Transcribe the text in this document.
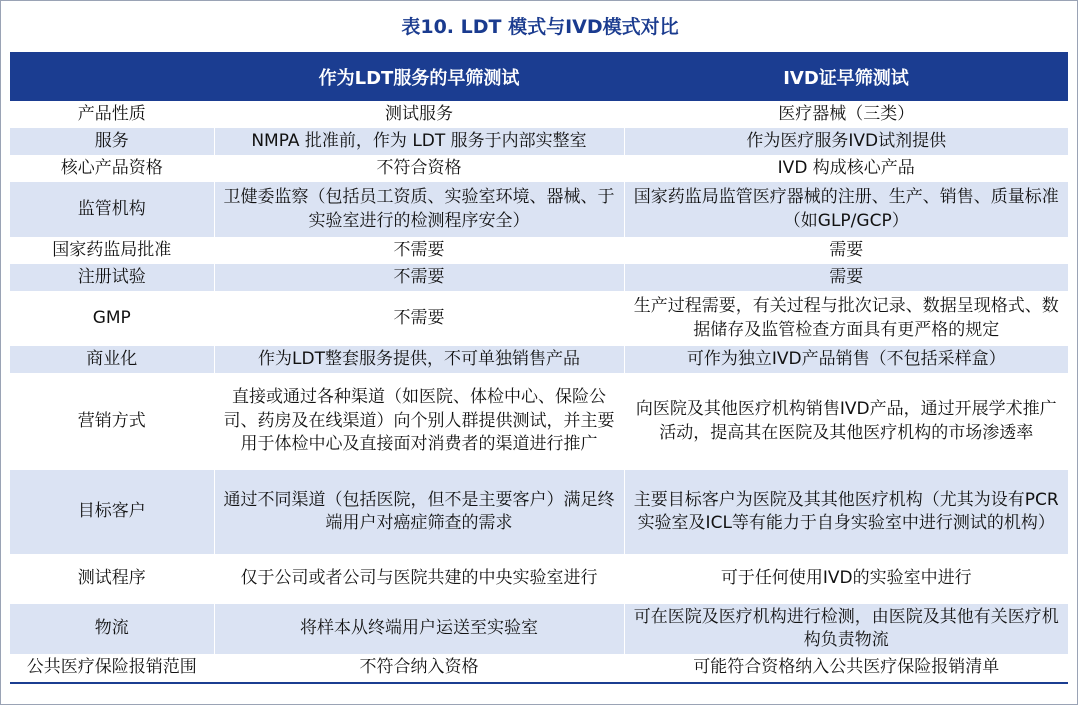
表10. LDT 模式与IVD模式对比
	作为LDT服务的早筛测试	IVD证早筛测试
产品性质	测试服务	医疗器械（三类）
服务	NMPA 批准前，作为 LDT 服务于内部实整室	作为医疗服务IVD试剂提供
核心产品资格	不符合资格	IVD 构成核心产品
监管机构	卫健委监察（包括员工资质、实验室环境、器械、于实验室进行的检测程序安全）	国家药监局监管医疗器械的注册、生产、销售、质量标准（如GLP/GCP）
国家药监局批准	不需要	需要
注册试验	不需要	需要
GMP	不需要	生产过程需要，有关过程与批次记录、数据呈现格式、数据储存及监管检查方面具有更严格的规定
商业化	作为LDT整套服务提供，不可单独销售产品	可作为独立IVD产品销售（不包括采样盒）
营销方式	直接或通过各种渠道（如医院、体检中心、保险公司、药房及在线渠道）向个别人群提供测试，并主要用于体检中心及直接面对消费者的渠道进行推广	向医院及其他医疗机构销售IVD产品，通过开展学术推广活动，提高其在医院及其他医疗机构的市场渗透率
目标客户	通过不同渠道（包括医院，但不是主要客户）满足终端用户对癌症筛查的需求	主要目标客户为医院及其其他医疗机构（尤其为设有PCR实验室及ICL等有能力于自身实验室中进行测试的机构）
测试程序	仅于公司或者公司与医院共建的中央实验室进行	可于任何使用IVD的实验室中进行
物流	将样本从终端用户运送至实验室	可在医院及医疗机构进行检测，由医院及其他有关医疗机构负责物流
公共医疗保险报销范围	不符合纳入资格	可能符合资格纳入公共医疗保险报销清单
